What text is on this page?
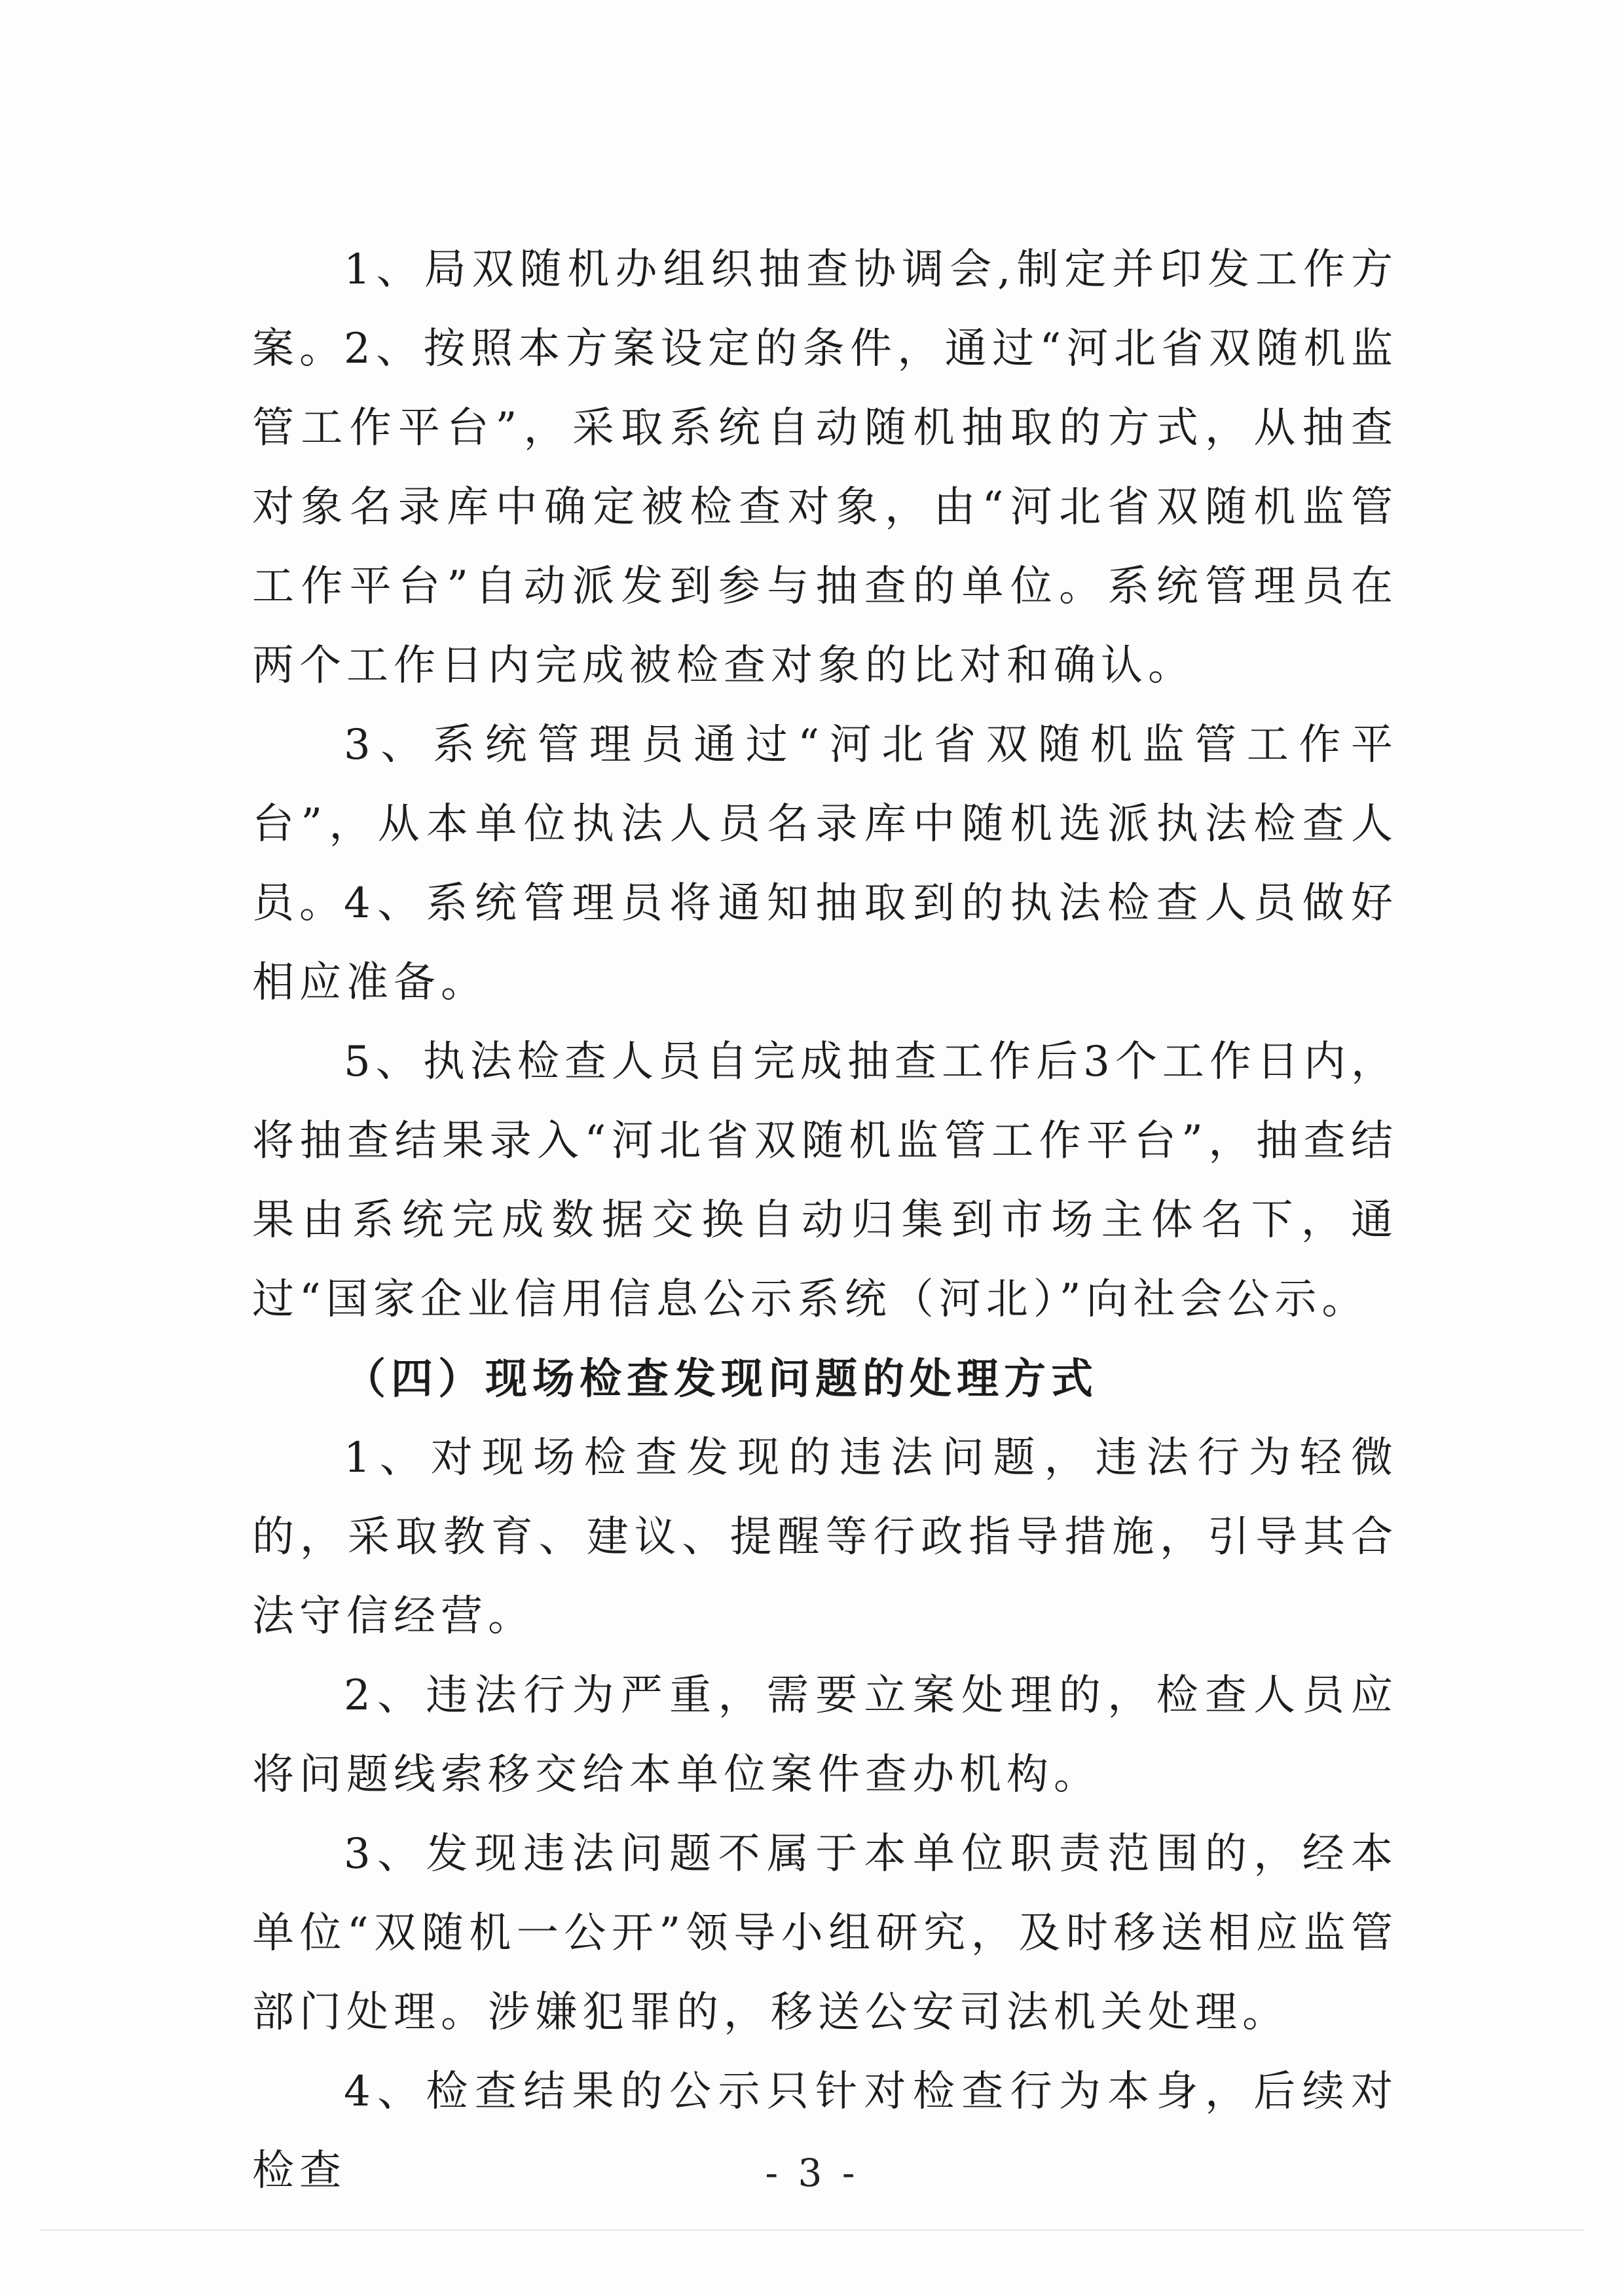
1、局双随机办组织抽查协调会,制定并印发工作方案。

2、按照本方案设定的条件，通过“河北省双随机监管工作平台”，采取系统自动随机抽取的方式，从抽查对象名录库中确定被检查对象，由“河北省双随机监管工作平台”自动派发到参与抽查的单位。系统管理员在两个工作日内完成被检查对象的比对和确认。

3、系统管理员通过“河北省双随机监管工作平台”，从本单位执法人员名录库中随机选派执法检查人员。

4、系统管理员将通知抽取到的执法检查人员做好相应准备。

5、执法检查人员自完成抽查工作后3个工作日内，将抽查结果录入“河北省双随机监管工作平台”，抽查结果由系统完成数据交换自动归集到市场主体名下，通过“国家企业信用信息公示系统（河北）”向社会公示。

（四）现场检查发现问题的处理方式

1、对现场检查发现的违法问题，违法行为轻微的，采取教育、建议、提醒等行政指导措施，引导其合法守信经营。

2、违法行为严重，需要立案处理的，检查人员应将问题线索移交给本单位案件查办机构。

3、发现违法问题不属于本单位职责范围的，经本单位“双随机一公开”领导小组研究，及时移送相应监管部门处理。涉嫌犯罪的，移送公安司法机关处理。

4、检查结果的公示只针对检查行为本身，后续对检查	- 3 -
